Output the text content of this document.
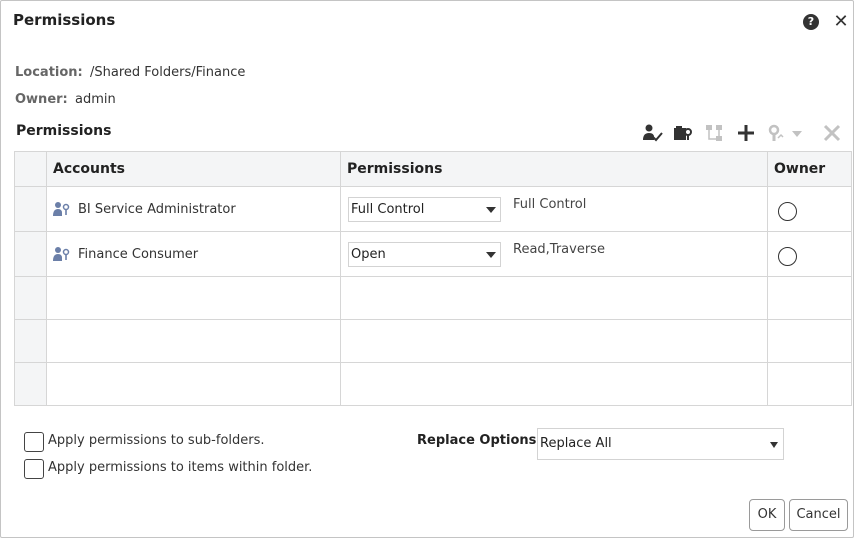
Permissions	? ✕
Location: /Shared Folders/Finance
Owner: admin
Permissions
	Accounts	Permissions	Owner

	BI Service Administrator	Full Control Full Control	

	Finance Consumer	Open Read,Traverse	

Apply permissions to sub-folders.
Apply permissions to items within folder.
Replace Options Replace All
OK	Cancel
